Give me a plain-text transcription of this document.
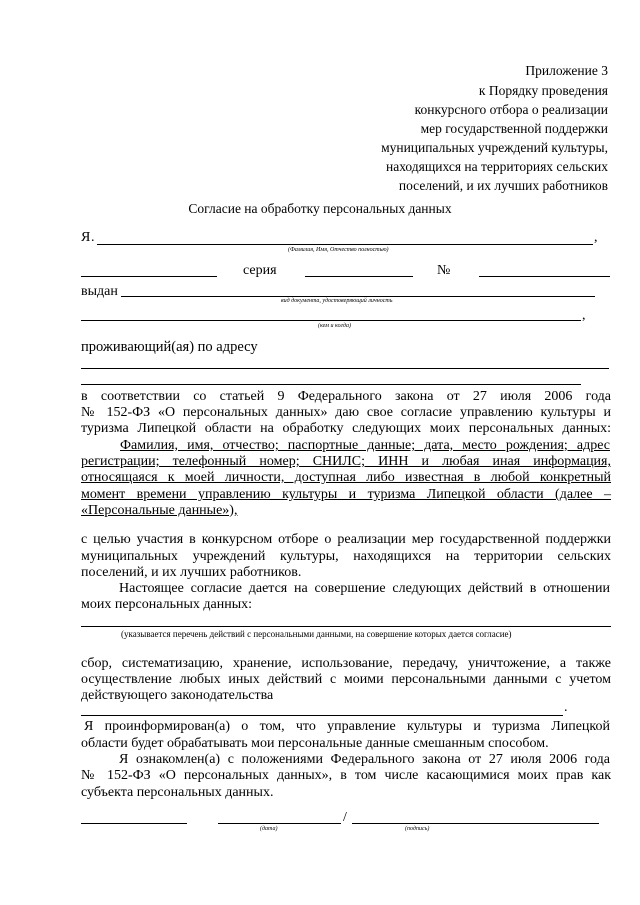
Приложение 3
к Порядку проведения
конкурсного отбора о реализации
мер государственной поддержки
муниципальных учреждений культуры,
находящихся на территориях сельских
поселений, и их лучших работников
Согласие на обработку персональных данных
Я .	,
(Фамилия, Имя, Отчество полностью)
серия	№
выдан
вид документа, удостоверяющий личность
,
(кем и когда)
проживающий(ая) по адресу
в соответствии со статьей 9 Федерального закона от 27 июля 2006 года
№ 152-ФЗ «О персональных данных» даю свое согласие управлению культуры и
туризма Липецкой области на обработку следующих моих персональных данных:
Фамилия, имя, отчество; паспортные данные; дата, место рождения; адрес
регистрации; телефонный номер; СНИЛС; ИНН и любая иная информация,
относящаяся к моей личности, доступная либо известная в любой конкретный
момент времени управлению культуры и туризма Липецкой области (далее –
«Персональные данные»),
с целью участия в конкурсном отборе о реализации мер государственной поддержки
муниципальных учреждений культуры, находящихся на территории сельских
поселений, и их лучших работников.
Настоящее согласие дается на совершение следующих действий в отношении
моих персональных данных:
(указывается перечень действий с персональными данными, на совершение которых дается согласие)
сбор, систематизацию, хранение, использование, передачу, уничтожение, а также
осуществление любых иных действий с моими персональными данными с учетом
действующего законодательства
.
Я проинформирован(а) о том, что управление культуры и туризма Липецкой
области будет обрабатывать мои персональные данные смешанным способом.
Я ознакомлен(а) с положениями Федерального закона от 27 июля 2006 года
№ 152-ФЗ «О персональных данных», в том числе касающимися моих прав как
субъекта персональных данных.
/
(дата)	(подпись)
